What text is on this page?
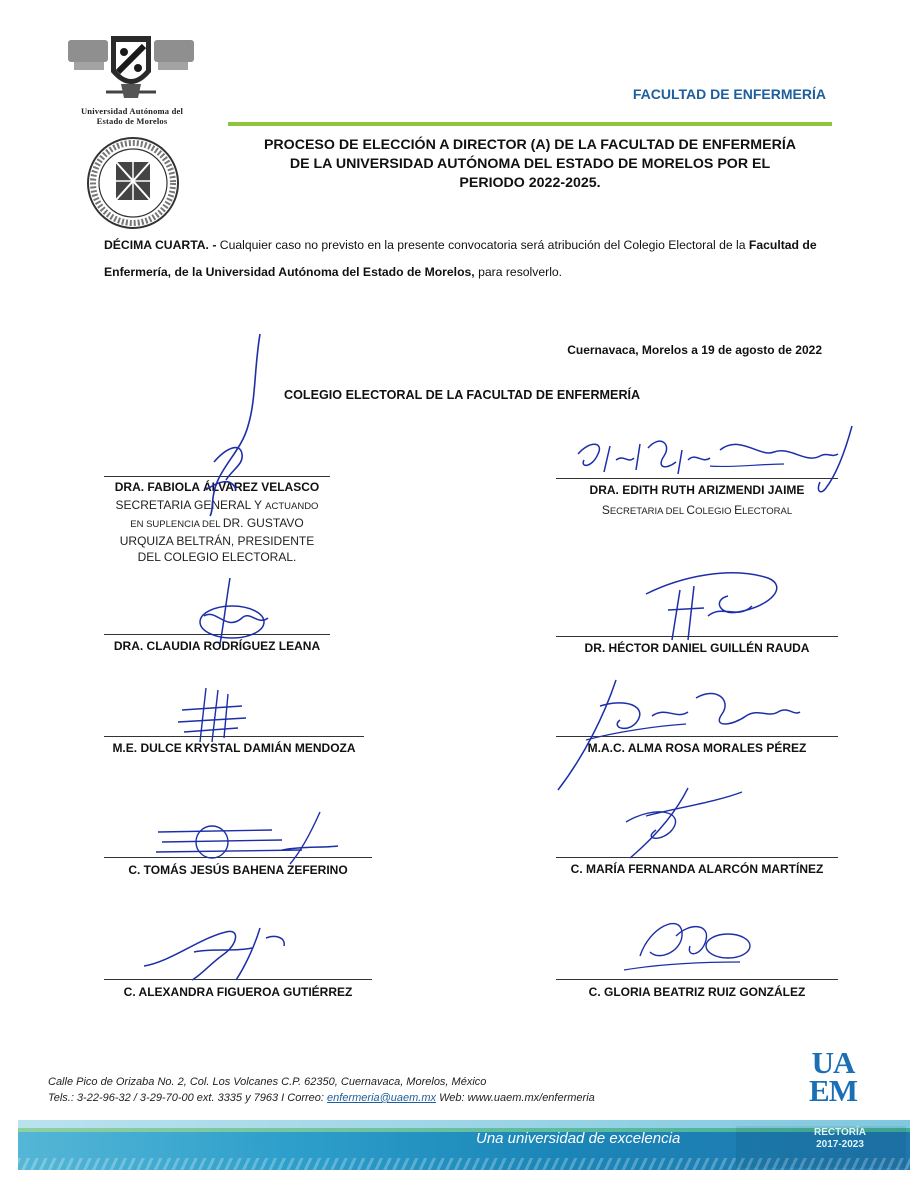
Universidad Autónoma del
Estado de Morelos
FACULTAD DE ENFERMERÍA
PROCESO DE ELECCIÓN A DIRECTOR (A) DE LA FACULTAD DE ENFERMERÍA
DE LA UNIVERSIDAD AUTÓNOMA DEL ESTADO DE MORELOS POR EL
PERIODO 2022-2025.
DÉCIMA CUARTA. - Cualquier caso no previsto en la presente convocatoria será atribución del Colegio Electoral de la Facultad de Enfermería, de la Universidad Autónoma del Estado de Morelos, para resolverlo.
Cuernavaca, Morelos a 19 de agosto de 2022
COLEGIO ELECTORAL DE LA FACULTAD DE ENFERMERÍA
DRA. FABIOLA ÁLVAREZ VELASCO
SECRETARIA GENERAL Y ACTUANDO
EN SUPLENCIA DEL DR. GUSTAVO
URQUIZA BELTRÁN, PRESIDENTE
DEL COLEGIO ELECTORAL.
DRA. EDITH RUTH ARIZMENDI JAIME
SECRETARIA DEL COLEGIO ELECTORAL
DRA. CLAUDIA RODRÍGUEZ LEANA	DR. HÉCTOR DANIEL GUILLÉN RAUDA
M.E. DULCE KRYSTAL DAMIÁN MENDOZA	M.A.C. ALMA ROSA MORALES PÉREZ
C. TOMÁS JESÚS BAHENA ZEFERINO	C. MARÍA FERNANDA ALARCÓN MARTÍNEZ
C. ALEXANDRA FIGUEROA GUTIÉRREZ	C. GLORIA BEATRIZ RUIZ GONZÁLEZ
Calle Pico de Orizaba No. 2, Col. Los Volcanes C.P. 62350, Cuernavaca, Morelos, México
Tels.: 3-22-96-32 / 3-29-70-00 ext. 3335 y 7963 I Correo: enfermeria@uaem.mx Web: www.uaem.mx/enfermeria
UA
EM
Una universidad de excelencia	RECTORÍA
2017-2023
